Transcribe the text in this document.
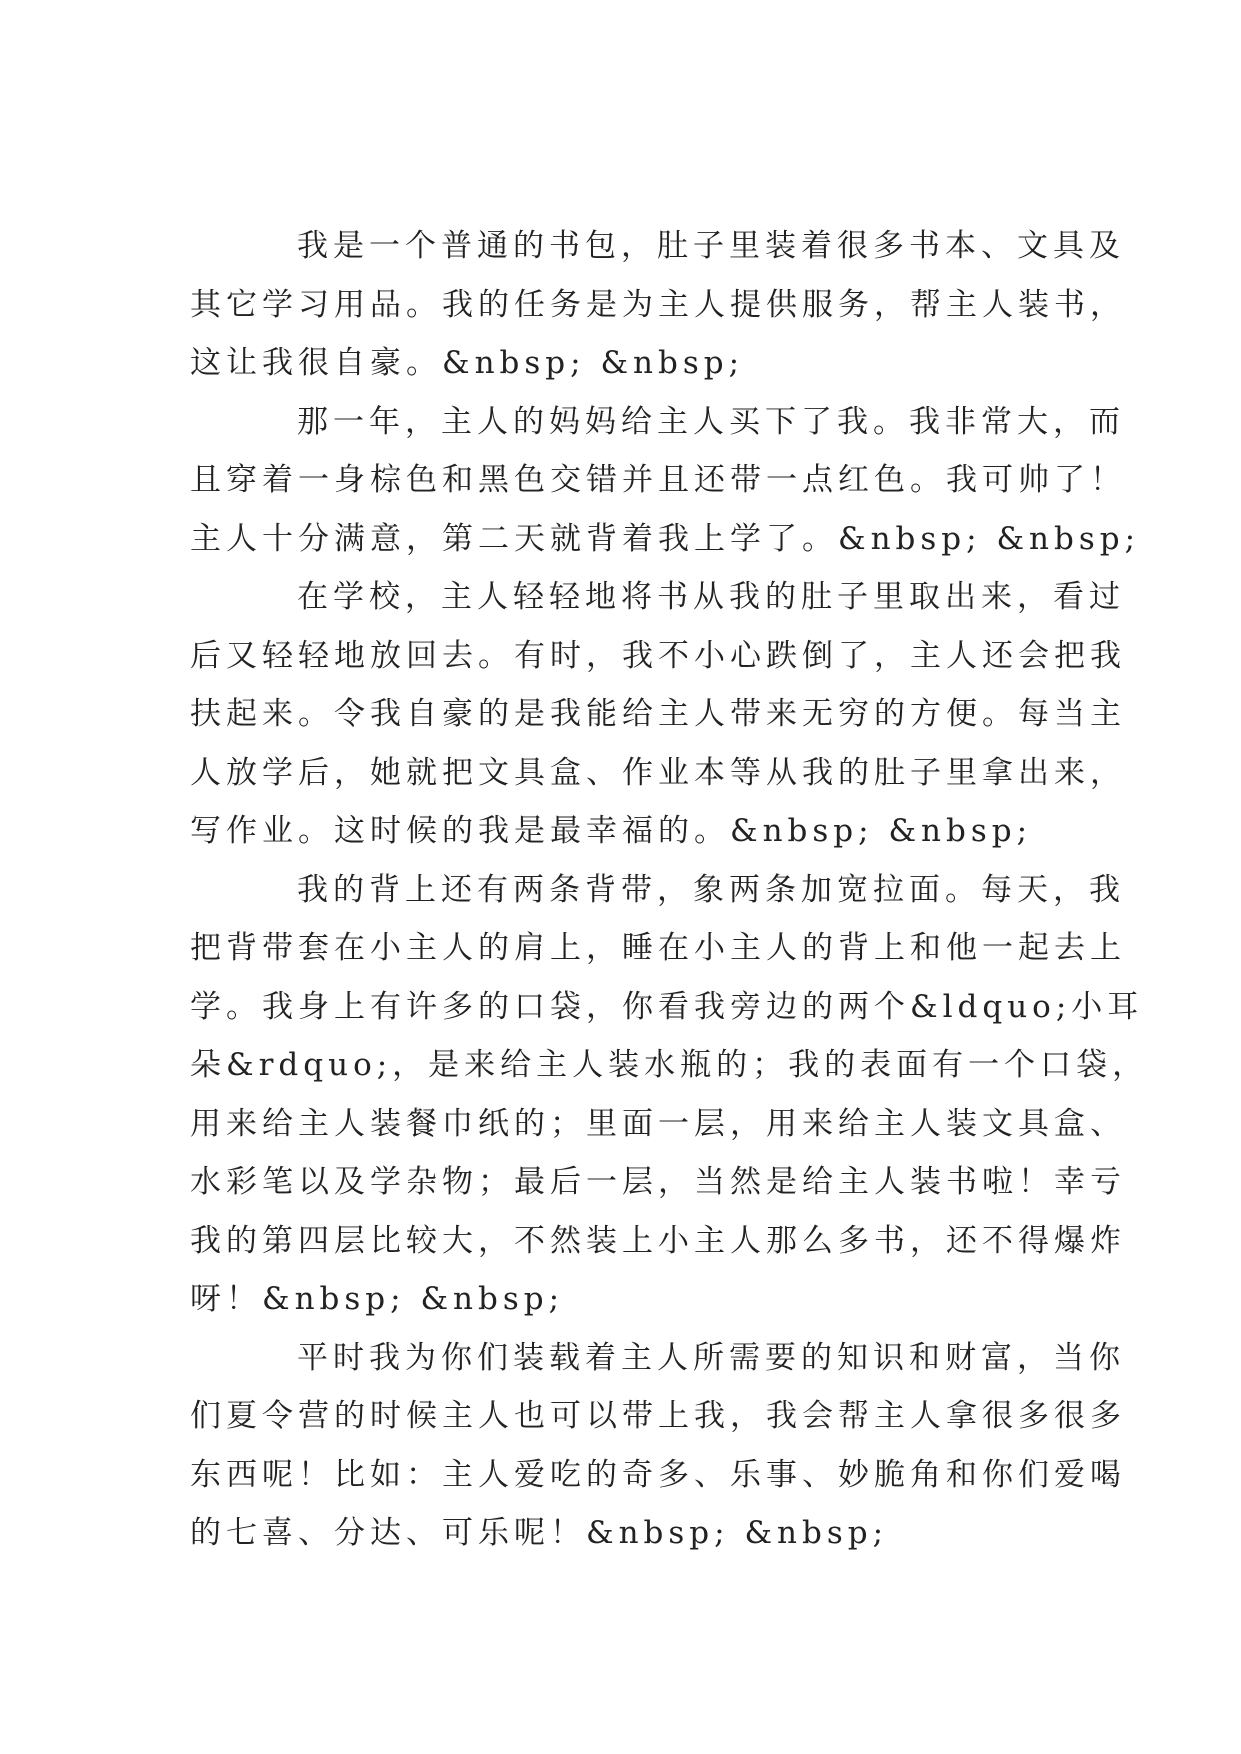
我是一个普通的书包，肚子里装着很多书本、文具及
其它学习用品。我的任务是为主人提供服务，帮主人装书，
这让我很自豪。&nbsp; &nbsp;
那一年，主人的妈妈给主人买下了我。我非常大，而
且穿着一身棕色和黑色交错并且还带一点红色。我可帅了！
主人十分满意，第二天就背着我上学了。&nbsp; &nbsp;
在学校，主人轻轻地将书从我的肚子里取出来，看过
后又轻轻地放回去。有时，我不小心跌倒了，主人还会把我
扶起来。令我自豪的是我能给主人带来无穷的方便。每当主
人放学后，她就把文具盒、作业本等从我的肚子里拿出来，
写作业。这时候的我是最幸福的。&nbsp; &nbsp;
我的背上还有两条背带，象两条加宽拉面。每天，我
把背带套在小主人的肩上，睡在小主人的背上和他一起去上
学。我身上有许多的口袋，你看我旁边的两个&ldquo;小耳
朵&rdquo;，是来给主人装水瓶的；我的表面有一个口袋，
用来给主人装餐巾纸的；里面一层，用来给主人装文具盒、
水彩笔以及学杂物；最后一层，当然是给主人装书啦！幸亏
我的第四层比较大，不然装上小主人那么多书，还不得爆炸
呀！&nbsp; &nbsp;
平时我为你们装载着主人所需要的知识和财富，当你
们夏令营的时候主人也可以带上我，我会帮主人拿很多很多
东西呢！比如：主人爱吃的奇多、乐事、妙脆角和你们爱喝
的七喜、分达、可乐呢！&nbsp; &nbsp;
